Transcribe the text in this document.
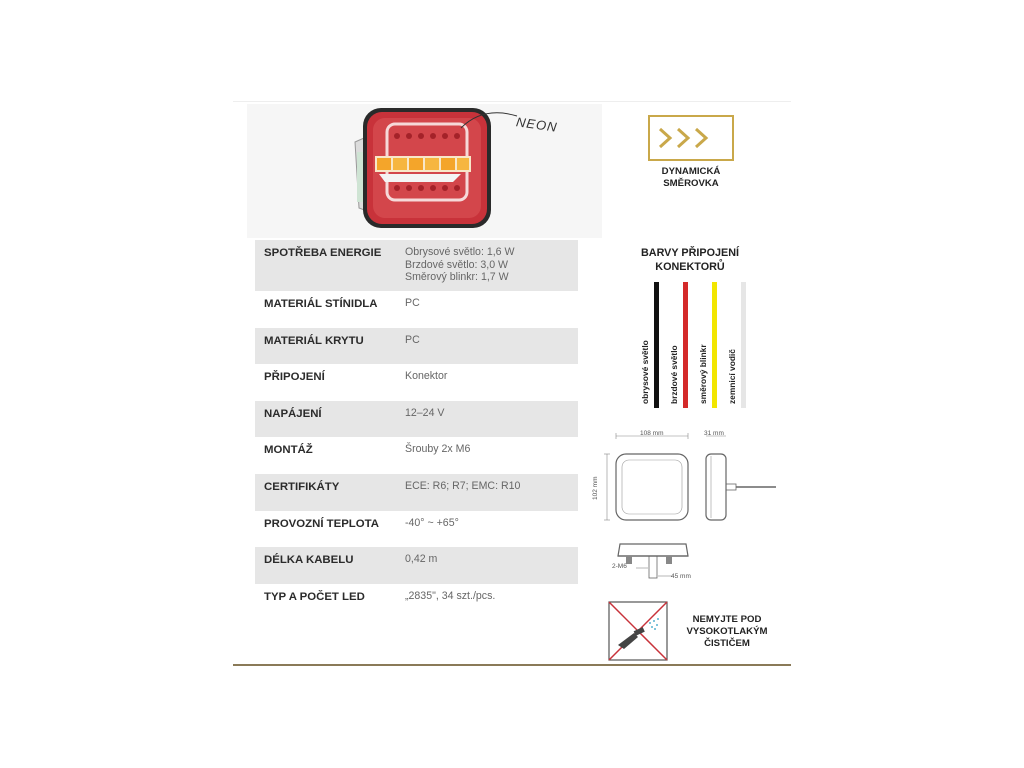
NEON
SPOTŘEBA ENERGIE	Obrysové světlo: 1,6 W
Brzdové světlo: 3,0 W
Směrový blinkr: 1,7 W
MATERIÁL STÍNIDLA	PC
MATERIÁL KRYTU	PC
PŘIPOJENÍ	Konektor
NAPÁJENÍ	12–24 V
MONTÁŽ	Šrouby 2x M6
CERTIFIKÁTY	ECE: R6; R7; EMC: R10
PROVOZNÍ TEPLOTA	-40° ~ +65°
DÉLKA KABELU	0,42 m
TYP A POČET LED	„2835", 34 szt./pcs.
DYNAMICKÁ
SMĚROVKA
BARVY PŘIPOJENÍ
KONEKTORŮ
obrysové světlo brzdové světlo směrový blinkr zemnicí vodič
108 mm	31 mm
102 mm
2-M6
45 mm
NEMYJTE POD
VYSOKOTLAKÝM
ČISTIČEM
